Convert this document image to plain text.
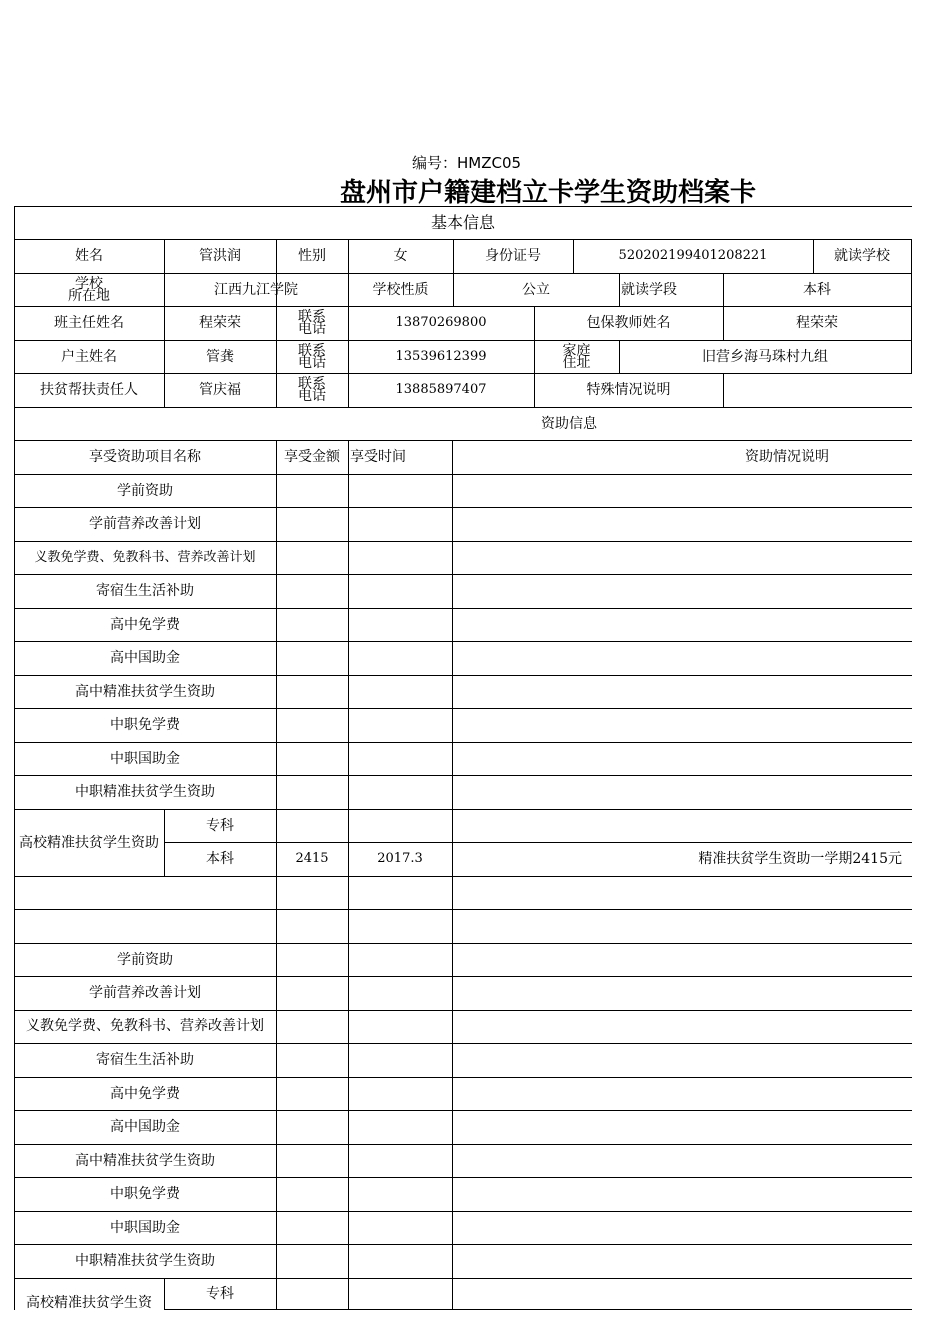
编号：HMZC05
盘州市户籍建档立卡学生资助档案卡
基本信息
姓名	管洪润	性别	女	身份证号	520202199401208221	就读学校
学校
所在地	江西九江学院	学校性质	公立	就读学段	本科
班主任姓名	程荣荣	联系
电话	13870269800	包保教师姓名	程荣荣
户主姓名	管龚	联系
电话	13539612399	家庭
住址	旧营乡海马珠村九组
扶贫帮扶责任人	管庆福	联系
电话	13885897407	特殊情况说明
资助信息
享受资助项目名称	享受金额 享受时间	资助情况说明
学前资助
学前营养改善计划
义教免学费、免教科书、营养改善计划
寄宿生生活补助
高中免学费
高中国助金
高中精准扶贫学生资助
中职免学费
中职国助金
中职精准扶贫学生资助
高校精准扶贫学生资助
专科
本科	2415	2017.3	精准扶贫学生资助一学期2415元
学前资助
学前营养改善计划
义教免学费、免教科书、营养改善计划
寄宿生生活补助
高中免学费
高中国助金
高中精准扶贫学生资助
中职免学费
中职国助金
中职精准扶贫学生资助
高校精准扶贫学生资
专科
